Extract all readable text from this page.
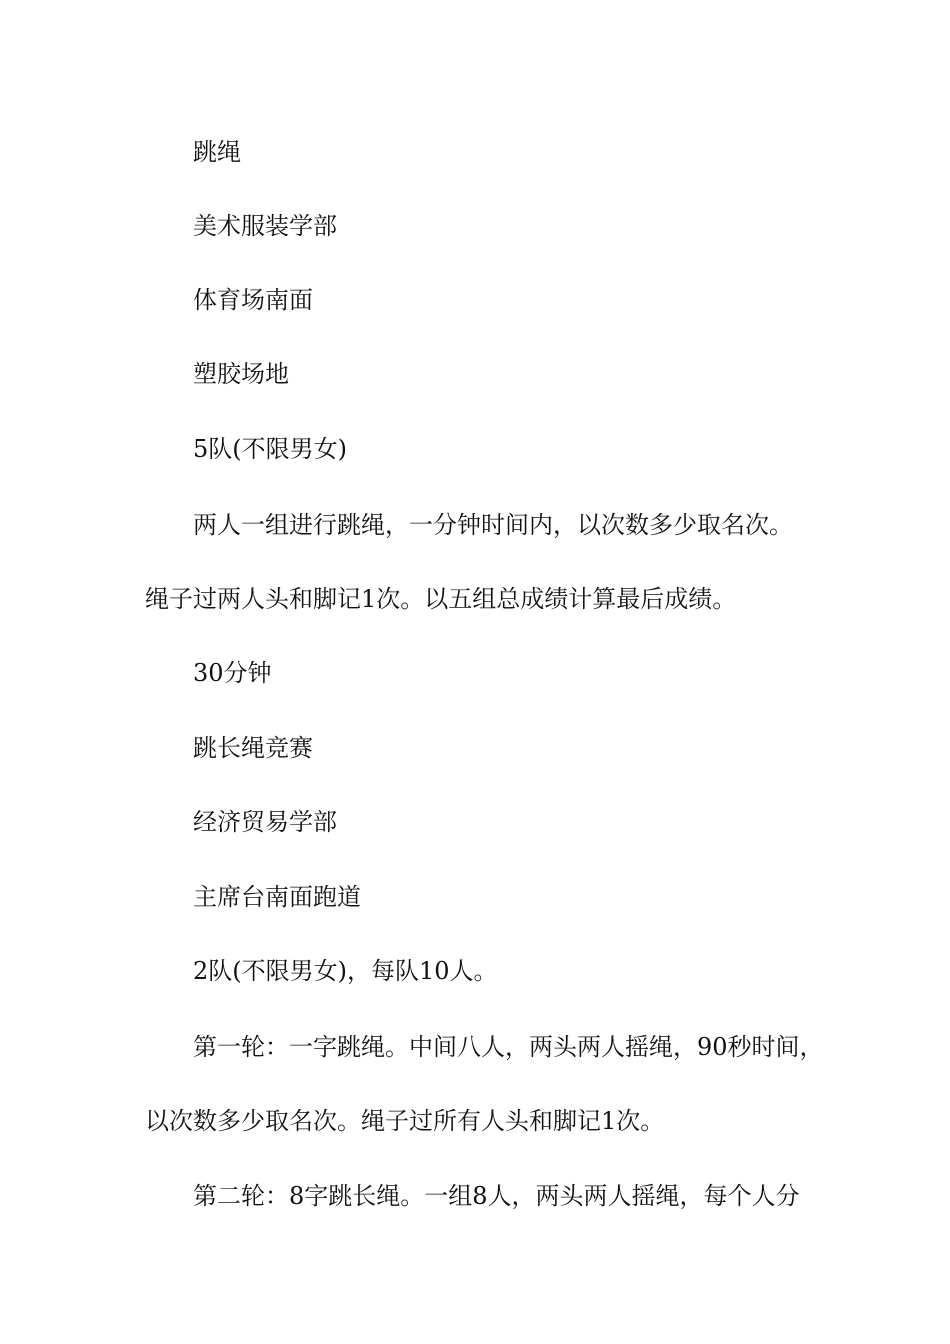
跳绳
美术服装学部
体育场南面
塑胶场地
5队(不限男女)
两人一组进行跳绳，一分钟时间内，以次数多少取名次。
绳子过两人头和脚记1次。以五组总成绩计算最后成绩。
30分钟
跳长绳竞赛
经济贸易学部
主席台南面跑道
2队(不限男女)，每队10人。
第一轮：一字跳绳。中间八人，两头两人摇绳，90秒时间，
以次数多少取名次。绳子过所有人头和脚记1次。
第二轮：8字跳长绳。一组8人，两头两人摇绳，每个人分
